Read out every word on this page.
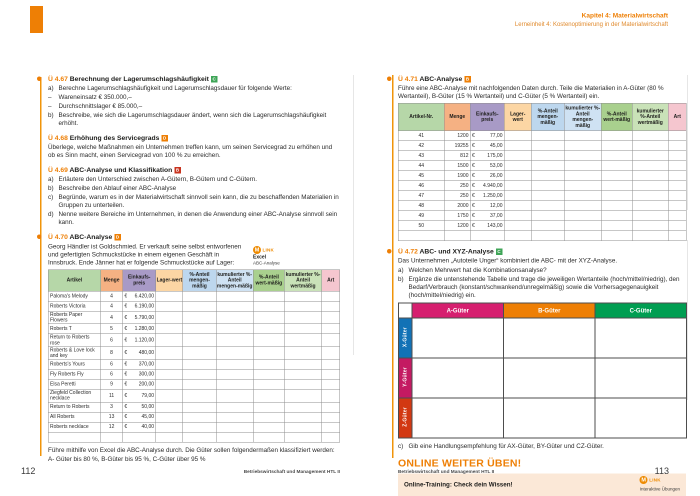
Kapitel 4: Materialwirtschaft
Lerneinheit 4: Kostenoptimierung in der Materialwirtschaft
Ü 4.67 Berechnung der Lagerumschlagshäufigkeit C
a) Berechne Lagerumschlagshäufigkeit und Lagerumschlagsdauer für folgende Werte:
– Wareneinsatz € 350.000,–
– Durchschnittslager € 85.000,–
b) Beschreibe, wie sich die Lagerumschlagsdauer ändert, wenn sich die Lagerumschlagshäufigkeit erhöht.
Ü 4.68 Erhöhung des Servicegrads D
Überlege, welche Maßnahmen ein Unternehmen treffen kann, um seinen Servicegrad zu erhöhen und ob es Sinn macht, einen Servicegrad von 100 % zu erreichen.
Ü 4.69 ABC-Analyse und Klassifikation B
a) Erläutere den Unterschied zwischen A-Gütern, B-Gütern und C-Gütern.
b) Beschreibe den Ablauf einer ABC-Analyse
c) Begründe, warum es in der Materialwirtschaft sinnvoll sein kann, die zu beschaffenden Materialien in Gruppen zu unterteilen.
d) Nenne weitere Bereiche im Unternehmen, in denen die Anwendung einer ABC-Analyse sinnvoll sein kann.
Ü 4.70 ABC-Analyse D
Georg Händler ist Goldschmied. Er verkauft seine selbst entworfenen und gefertigten Schmuckstücke in einem eigenen Geschäft in Innsbruck. Ende Jänner hat er folgende Schmuckstücke auf Lager:
M LINK
Excel
ABC-Analyse
Artikel	Menge	Einkaufs-preis	Lager-wert	%-Anteil mengen-mäßig	kumulierter %-Anteil mengen-mäßig	%-Anteil wert-mäßig	kumulierter %-Anteil wertmäßig	Art
Paloma's Melody	4	€ 6.420,00						

Roberts Victoria	4	€ 6.190,00						

Roberts Paper Flowers	4	€ 5.790,00						

Roberts T	5	€ 1.280,00						

Return to Roberts rose	6	€ 1.120,00						

Roberts & Love lock and key	8	€ 480,00						

Roberts's Yours	6	€ 370,00						

Fly Roberts Fly	6	€ 300,00						

Elsa Peretti	9	€ 200,00						

Ziegfeld Collection necklace	11	€ 79,00						

Return to Roberts	3	€ 50,00						

All Roberts	13	€ 45,00						

Roberts necklace	12	€ 40,00						

Führe mithilfe von Excel die ABC-Analyse durch. Die Güter sollen folgendermaßen klassifiziert werden:
A- Güter bis 80 %, B-Güter bis 95 %, C-Güter über 95 %
Ü 4.71 ABC-Analyse B
Führe eine ABC-Analyse mit nachfolgenden Daten durch. Teile die Materialien in A-Güter (80 % Wertanteil), B-Güter (15 % Wertanteil) und C-Güter (5 % Wertanteil) ein.
Artikel-Nr.	Menge	Einkaufs-preis	Lager-wert	%-Anteil mengen-mäßig	kumulierter %-Anteil mengen-mäßig	%-Anteil wert-mäßig	kumulierter %-Anteil wertmäßig	Art
41	1200	€ 77,00						

42	19255	€ 45,00						

43	812	€ 175,00						

44	1500	€ 53,00						

45	1900	€ 26,00						

46	250	€ 4.940,00						

47	250	€ 1.250,00						

48	2000	€ 12,00						

49	1750	€ 37,00						

50	1200	€ 143,00						

Ü 4.72 ABC- und XYZ-Analyse C
Das Unternehmen „Autoteile Unger“ kombiniert die ABC- mit der XYZ-Analyse.
a) Welchen Mehrwert hat die Kombinationsanalyse?
b) Ergänze die untenstehende Tabelle und trage die jeweiligen Wertanteile (hoch/mittel/niedrig), den Bedarf/Verbrauch (konstant/schwankend/unregelmäßig) sowie die Vorhersagegenauigkeit (hoch/mittel/niedrig) ein.
	A-Güter	B-Güter	C-Güter
X-Güter			
Y-Güter			
Z-Güter			
c) Gib eine Handlungsempfehlung für AX-Güter, BY-Güter und CZ-Güter.
ONLINE WEITER ÜBEN!
Online-Training: Check dein Wissen!
M LINK
Interaktive Übungen
112	Betriebswirtschaft und Management HTL II	Betriebswirtschaft und Management HTL II	113
